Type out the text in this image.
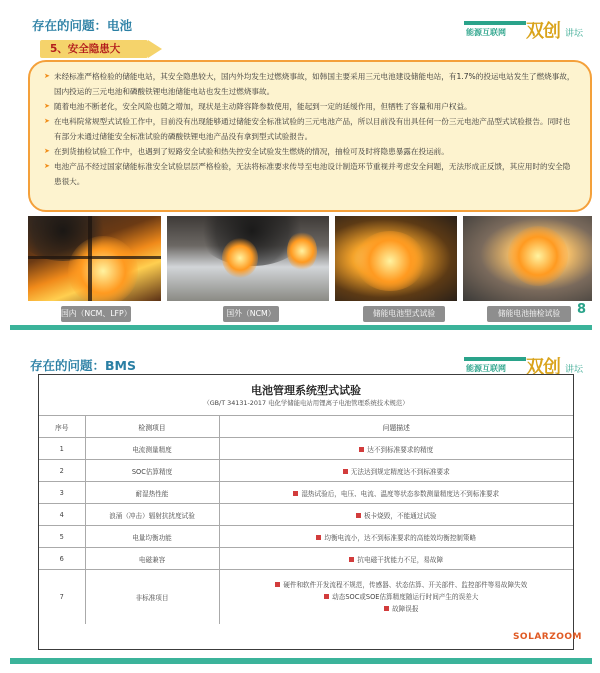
存在的问题：电池	能源互联网 双创 讲坛
5、安全隐患大

➤ 未经标准严格检验的储能电站，其安全隐患较大，国内外均发生过燃烧事故，如韩国主要采用三元电池建设储能电站，有1.7%的投运电站发生了燃烧事故，国内投运的三元电池和磷酸铁锂电池储能电站也发生过燃烧事故。

➤ 随着电池不断老化，安全风险也随之增加，现状是主动降容降参数使用，能起到一定的延缓作用，但牺牲了容量和用户权益。

➤ 在电科院常规型式试验工作中，目前没有出现能够通过储能安全标准试验的三元电池产品，所以目前没有出具任何一份三元电池产品型式试验报告。同时也有部分未通过储能安全标准试验的磷酸铁锂电池产品没有拿到型式试验报告。

➤ 在到货抽检试验工作中，也遇到了短路安全试验和热失控安全试验发生燃烧的情况，抽检可及时将隐患暴露在投运前。

➤ 电池产品不经过国家储能标准安全试验层层严格检验，无法将标准要求传导至电池设计制造环节重视并考虑安全问题，无法形成正反馈，其应用时的安全隐患很大。

国内（NCM、LFP）	国外（NCM）	储能电池型式试验	储能电池抽检试验	8
存在的问题：BMS	能源互联网 双创 讲坛
电池管理系统型式试验
（GB/T 34131-2017 电化学储能电站用锂离子电池管理系统技术规范）
序号	检测项目	问题描述
1	电流测量精度	达不到标准要求的精度
2	SOC估算精度	无法达到规定精度达不到标准要求
3	耐湿热性能	湿热试验后，电压、电流、温度等状态参数测量精度达不到标准要求
4	浪涌（冲击）辐射抗扰度试验	板卡烧毁，不能通过试验
5	电量均衡功能	均衡电流小，达不到标准要求的高能效均衡控制策略
6	电磁兼容	抗电磁干扰能力不足，易故障
7	非标准项目	硬件和软件开发流程不规范，传感器、状态估算、开关部件、监控部件等易故障失效
动态SOC或SOE估算精度随运行时间产生的误差大
故障误报
SOLARZOOM
